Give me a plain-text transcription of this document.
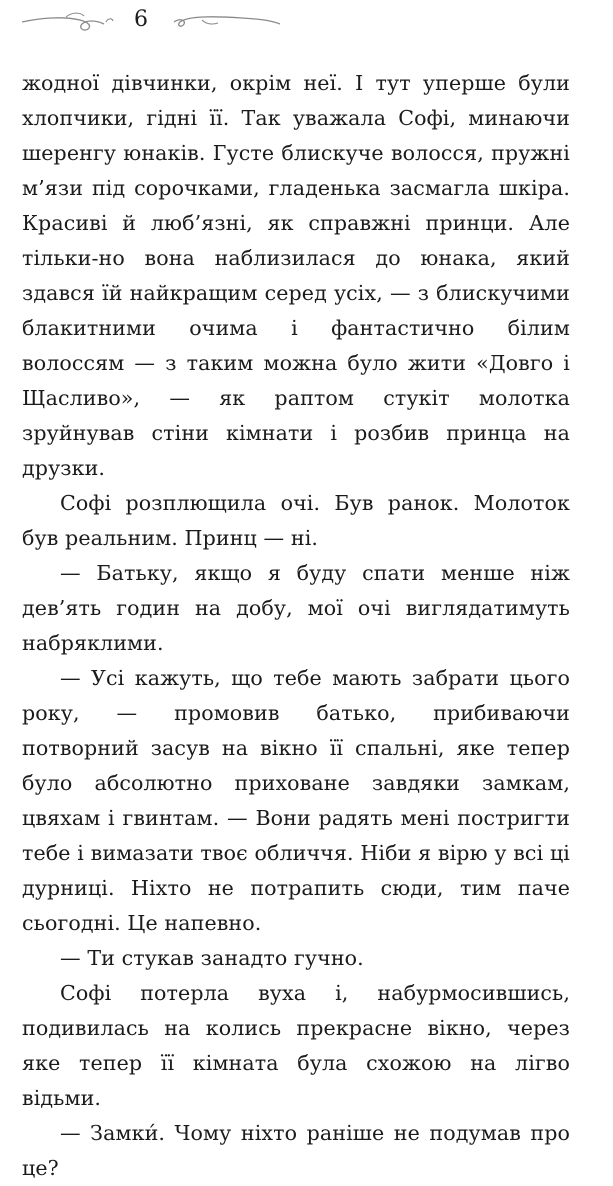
6

жодної дівчинки, окрім неї. І тут уперше були хлопчики, гідні її. Так уважала Софі, минаючи шеренгу юнаків. Густе блискуче волосся, пружні м’язи під сорочками, гладенька засмагла шкіра. Красиві й люб’язні, як справжні принци. Але тільки-но вона наблизилася до юнака, який здався їй найкращим серед усіх, — з блискучими блакитними очима і фантастично білим волоссям — з таким можна було жити «Довго і Щасливо», — як раптом стукіт молотка зруйнував стіни кімнати і розбив принца на друзки.

Софі розплющила очі. Був ранок. Молоток був реальним. Принц — ні.

— Батьку, якщо я буду спати менше ніж дев’ять годин на добу, мої очі виглядатимуть набряклими.

— Усі кажуть, що тебе мають забрати цього року, — промовив батько, прибиваючи потворний засув на вікно її спальні, яке тепер було абсолютно приховане завдяки замкам, цвяхам і гвинтам. — Вони радять мені постригти тебе і вимазати твоє обличчя. Ніби я вірю у всі ці дурниці. Ніхто не потрапить сюди, тим паче сьогодні. Це напевно.

— Ти стукав занадто гучно.

Софі потерла вуха і, набурмосившись, подивилась на колись прекрасне вікно, через яке тепер її кімната була схожою на лігво відьми.

— Замки́. Чому ніхто раніше не подумав про це?
